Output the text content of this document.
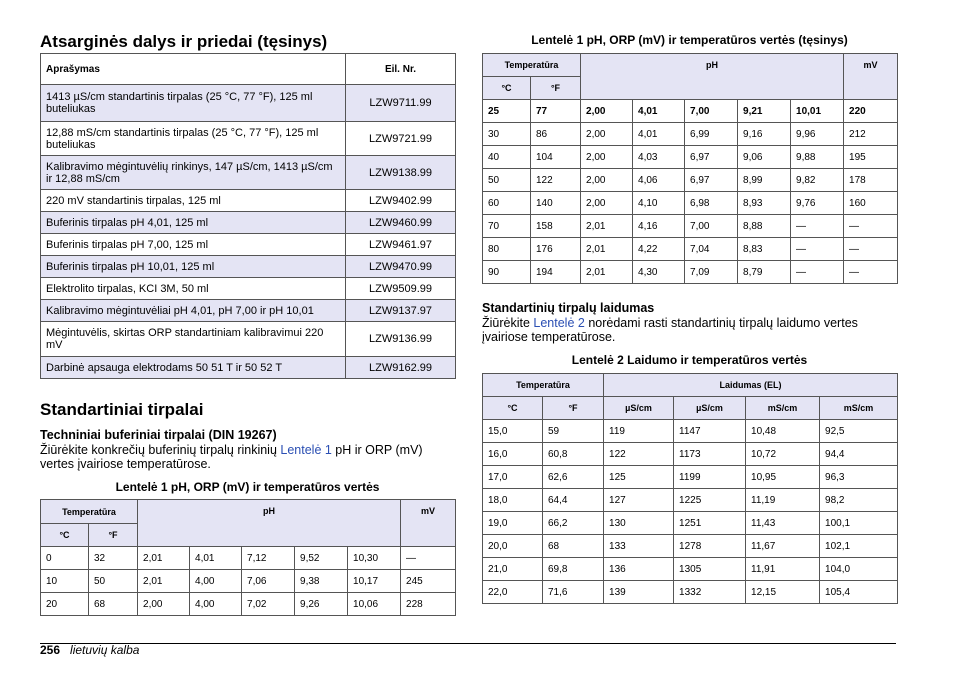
Atsarginės dalys ir priedai (tęsinys)
Aprašymas	Eil. Nr.
1413 µS/cm standartinis tirpalas (25 °C, 77 °F), 125 ml buteliukas	LZW9711.99
12,88 mS/cm standartinis tirpalas (25 °C, 77 °F), 125 ml buteliukas	LZW9721.99
Kalibravimo mėgintuvėlių rinkinys, 147 µS/cm, 1413 µS/cm ir 12,88 mS/cm	LZW9138.99
220 mV standartinis tirpalas, 125 ml	LZW9402.99
Buferinis tirpalas pH 4,01, 125 ml	LZW9460.99
Buferinis tirpalas pH 7,00, 125 ml	LZW9461.97
Buferinis tirpalas pH 10,01, 125 ml	LZW9470.99
Elektrolito tirpalas, KCI 3M, 50 ml	LZW9509.99
Kalibravimo mėgintuvėliai pH 4,01, pH 7,00 ir pH 10,01	LZW9137.97
Mėgintuvėlis, skirtas ORP standartiniam kalibravimui 220 mV	LZW9136.99
Darbinė apsauga elektrodams 50 51 T ir 50 52 T	LZW9162.99
Standartiniai tirpalai
Techniniai buferiniai tirpalai (DIN 19267)
Žiūrėkite konkrečių buferinių tirpalų rinkinių Lentelė 1 pH ir ORP (mV) vertes įvairiose temperatūrose.
Lentelė 1 pH, ORP (mV) ir temperatūros vertės
Temperatūra		pH					mV
°C	°F						
0	32	2,01	4,01	7,12	9,52	10,30	—
10	50	2,01	4,00	7,06	9,38	10,17	245
20	68	2,00	4,00	7,02	9,26	10,06	228
Lentelė 1 pH, ORP (mV) ir temperatūros vertės (tęsinys)
Temperatūra		pH					mV
°C	°F						
25	77	2,00	4,01	7,00	9,21	10,01	220
30	86	2,00	4,01	6,99	9,16	9,96	212
40	104	2,00	4,03	6,97	9,06	9,88	195
50	122	2,00	4,06	6,97	8,99	9,82	178
60	140	2,00	4,10	6,98	8,93	9,76	160
70	158	2,01	4,16	7,00	8,88	—	—
80	176	2,01	4,22	7,04	8,83	—	—
90	194	2,01	4,30	7,09	8,79	—	—
Standartinių tirpalų laidumas
Žiūrėkite Lentelė 2 norėdami rasti standartinių tirpalų laidumo vertes įvairiose temperatūrose.
Lentelė 2 Laidumo ir temperatūros vertės
Temperatūra		Laidumas (EL)			
°C	°F	µS/cm	µS/cm	mS/cm	mS/cm
15,0	59	119	1147	10,48	92,5
16,0	60,8	122	1173	10,72	94,4
17,0	62,6	125	1199	10,95	96,3
18,0	64,4	127	1225	11,19	98,2
19,0	66,2	130	1251	11,43	100,1
20,0	68	133	1278	11,67	102,1
21,0	69,8	136	1305	11,91	104,0
22,0	71,6	139	1332	12,15	105,4
256 lietuvių kalba
